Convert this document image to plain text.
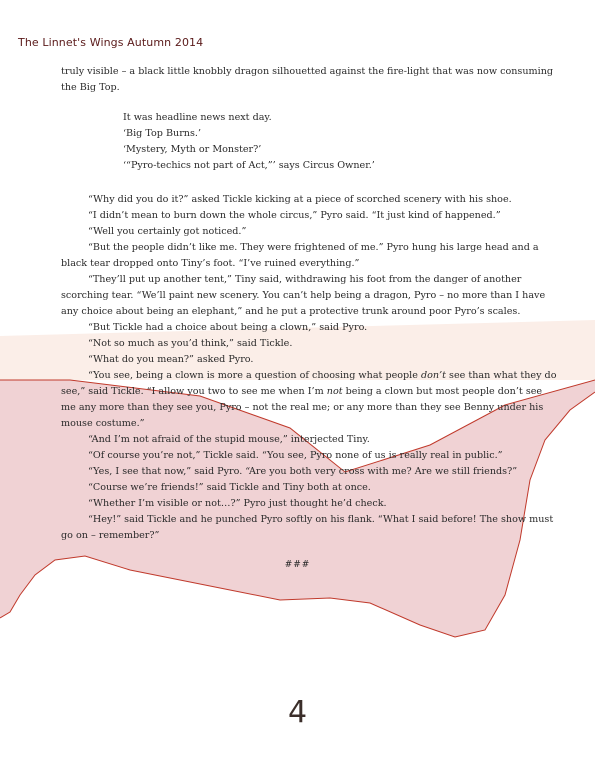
The Linnet's Wings Autumn 2014

truly visible – a black little knobbly dragon silhouetted against the fire-light that was now consuming the Big Top.

It was headline news next day.
‘Big Top Burns.’
‘Mystery, Myth or Monster?’
‘“Pyro-techics not part of Act,”’ says Circus Owner.’

“Why did you do it?” asked Tickle kicking at a piece of scorched scenery with his shoe.

“I didn’t mean to burn down the whole circus,” Pyro said. “It just kind of happened.”

“Well you certainly got noticed.”

“But the people didn’t like me. They were frightened of me.” Pyro hung his large head and a black tear dropped onto Tiny’s foot. “I’ve ruined everything.”

“They’ll put up another tent,” Tiny said, withdrawing his foot from the danger of another scorching tear. “We’ll paint new scenery. You can’t help being a dragon, Pyro – no more than I have any choice about being an elephant,” and he put a protective trunk around poor Pyro’s scales.

“But Tickle had a choice about being a clown,” said Pyro.

“Not so much as you’d think,” said Tickle.

“What do you mean?” asked Pyro.

“You see, being a clown is more a question of choosing what people don’t see than what they do see,” said Tickle. “I allow you two to see me when I’m not being a clown but most people don’t see me any more than they see you, Pyro – not the real me; or any more than they see Benny under his mouse costume.”

“And I’m not afraid of the stupid mouse,” interjected Tiny.

“Of course you’re not,” Tickle said. “You see, Pyro none of us is really real in public.”

“Yes, I see that now,” said Pyro. “Are you both very cross with me? Are we still friends?”

“Course we’re friends!” said Tickle and Tiny both at once.

“Whether I’m visible or not…?” Pyro just thought he’d check.

“Hey!” said Tickle and he punched Pyro softly on his flank. “What I said before! The show must go on – remember?”

###
4
